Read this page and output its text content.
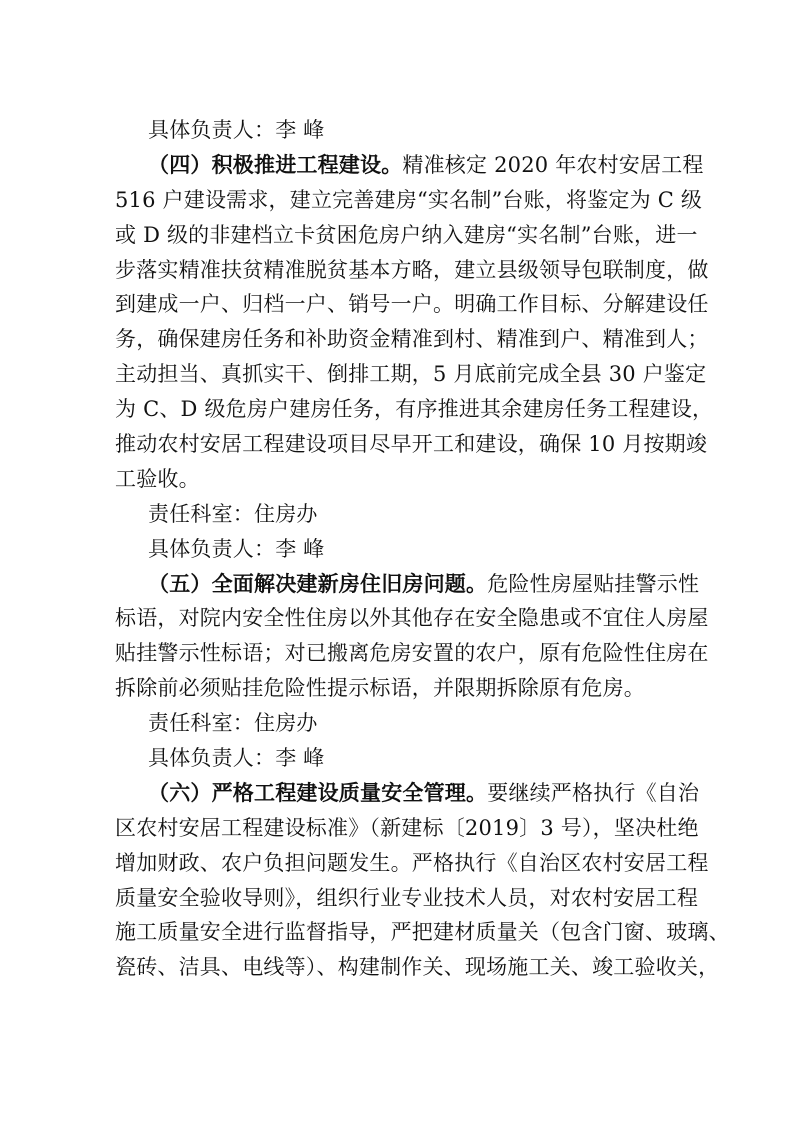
具体负责人：李 峰
（四）积极推进工程建设。精准核定 2020 年农村安居工程
516 户建设需求，建立完善建房“实名制”台账，将鉴定为 C 级
或 D 级的非建档立卡贫困危房户纳入建房“实名制”台账，进一
步落实精准扶贫精准脱贫基本方略，建立县级领导包联制度，做
到建成一户、归档一户、销号一户。明确工作目标、分解建设任
务，确保建房任务和补助资金精准到村、精准到户、精准到人；
主动担当、真抓实干、倒排工期，5 月底前完成全县 30 户鉴定
为 C、D 级危房户建房任务，有序推进其余建房任务工程建设，
推动农村安居工程建设项目尽早开工和建设，确保 10 月按期竣
工验收。
责任科室：住房办
具体负责人：李 峰
（五）全面解决建新房住旧房问题。危险性房屋贴挂警示性
标语，对院内安全性住房以外其他存在安全隐患或不宜住人房屋
贴挂警示性标语；对已搬离危房安置的农户，原有危险性住房在
拆除前必须贴挂危险性提示标语，并限期拆除原有危房。
责任科室：住房办
具体负责人：李 峰
（六）严格工程建设质量安全管理。要继续严格执行《自治
区农村安居工程建设标准》（新建标〔2019〕3 号），坚决杜绝
增加财政、农户负担问题发生。严格执行《自治区农村安居工程
质量安全验收导则》，组织行业专业技术人员，对农村安居工程
施工质量安全进行监督指导，严把建材质量关（包含门窗、玻璃、
瓷砖、洁具、电线等）、构建制作关、现场施工关、竣工验收关，
